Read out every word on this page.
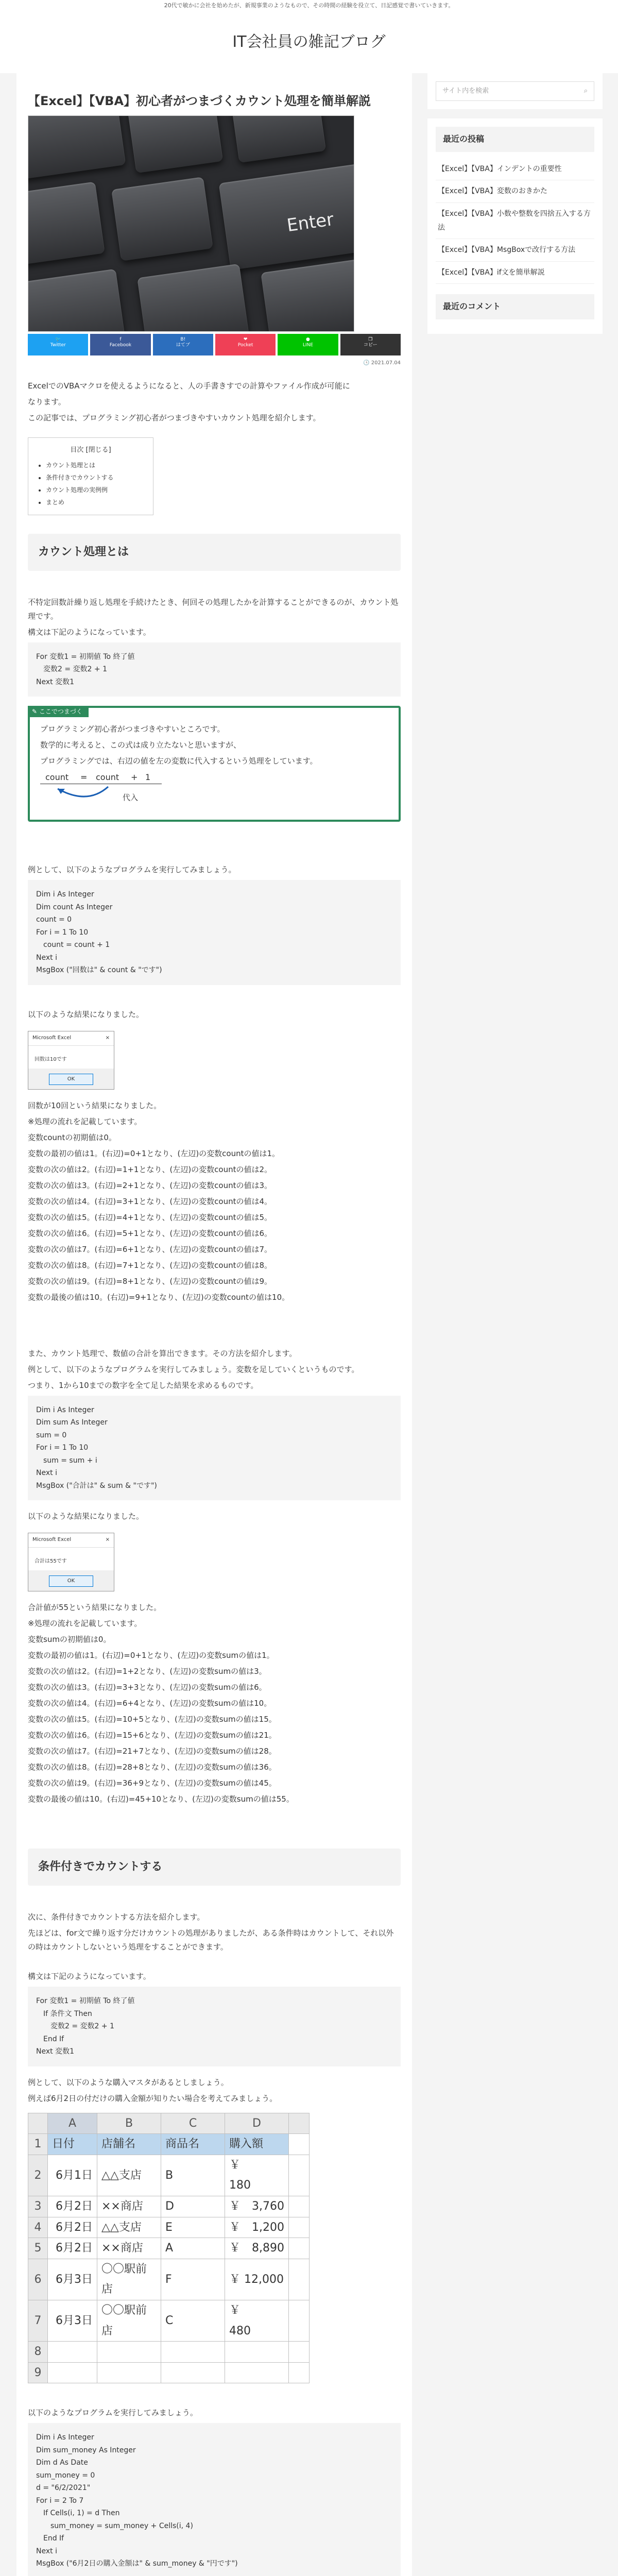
20代で敏かに会社を始めたが、新規事業のようなもので、その時間の経験を役立て、日記感覚で書いていきます。
IT会社員の雑記ブログ
【Excel】【VBA】初心者がつまづくカウント処理を簡単解説
Enter
🐦
Twitter
f
Facebook
B!
はてブ
❤
Pocket
●
LINE
❐
コピー
🕓 2021.07.04

ExcelでのVBAマクロを使えるようになると、人の手書きすでの計算やファイル作成が可能に

なります。

この記事では、プログラミング初心者がつまづきやすいカウント処理を紹介します。

目次 [閉じる]
• カウント処理とは
• 条件付きでカウントする
• カウント処理の実例例
• まとめ
カウント処理とは

不特定回数計繰り返し処理を手続けたとき、何回その処理したかを計算することができるのが、カウント処理です。

構文は下記のようになっています。

For 変数1 = 初期値 To 終了値
　変数2 = 変数2 + 1
Next 変数1
✎ ここでつまづく

プログラミング初心者がつまづきやすいところです。

数学的に考えると、この式は成り立たないと思いますが、

プログラミングでは、右辺の値を左の変数に代入するという処理をしています。

count = count + 1
代入

例として、以下のようなプログラムを実行してみましょう。

Dim i As Integer
Dim count As Integer
count = 0
For i = 1 To 10
　count = count + 1
Next i
MsgBox ("回数は" & count & "です")

以下のような結果になりました。

Microsoft Excel	×
回数は10です
OK

回数が10回という結果になりました。

※処理の流れを記載しています。

変数countの初期値は0。

変数の最初の値は1。(右辺)=0+1となり、(左辺)の変数countの値は1。

変数の次の値は2。(右辺)=1+1となり、(左辺)の変数countの値は2。

変数の次の値は3。(右辺)=2+1となり、(左辺)の変数countの値は3。

変数の次の値は4。(右辺)=3+1となり、(左辺)の変数countの値は4。

変数の次の値は5。(右辺)=4+1となり、(左辺)の変数countの値は5。

変数の次の値は6。(右辺)=5+1となり、(左辺)の変数countの値は6。

変数の次の値は7。(右辺)=6+1となり、(左辺)の変数countの値は7。

変数の次の値は8。(右辺)=7+1となり、(左辺)の変数countの値は8。

変数の次の値は9。(右辺)=8+1となり、(左辺)の変数countの値は9。

変数の最後の値は10。(右辺)=9+1となり、(左辺)の変数countの値は10。

また、カウント処理で、数値の合計を算出できます。その方法を紹介します。

例として、以下のようなプログラムを実行してみましょう。変数を足していくというものです。

つまり、1から10までの数字を全て足した結果を求めるものです。

Dim i As Integer
Dim sum As Integer
sum = 0
For i = 1 To 10
　sum = sum + i
Next i
MsgBox ("合計は" & sum & "です")

以下のような結果になりました。

Microsoft Excel	×
合計は55です
OK

合計値が55という結果になりました。

※処理の流れを記載しています。

変数sumの初期値は0。

変数の最初の値は1。(右辺)=0+1となり、(左辺)の変数sumの値は1。

変数の次の値は2。(右辺)=1+2となり、(左辺)の変数sumの値は3。

変数の次の値は3。(右辺)=3+3となり、(左辺)の変数sumの値は6。

変数の次の値は4。(右辺)=6+4となり、(左辺)の変数sumの値は10。

変数の次の値は5。(右辺)=10+5となり、(左辺)の変数sumの値は15。

変数の次の値は6。(右辺)=15+6となり、(左辺)の変数sumの値は21。

変数の次の値は7。(右辺)=21+7となり、(左辺)の変数sumの値は28。

変数の次の値は8。(右辺)=28+8となり、(左辺)の変数sumの値は36。

変数の次の値は9。(右辺)=36+9となり、(左辺)の変数sumの値は45。

変数の最後の値は10。(右辺)=45+10となり、(左辺)の変数sumの値は55。

条件付きでカウントする

次に、条件付きでカウントする方法を紹介します。

先ほどは、for文で繰り返す分だけカウントの処理がありましたが、ある条件時はカウントして、それ以外の時はカウントしないという処理をすることができます。

構文は下記のようになっています。

For 変数1 = 初期値 To 終了値
　If 条件文 Then
　　変数2 = 変数2 + 1
　End If
Next 変数1

例として、以下のような購入マスタがあるとしましょう。

例えば6月2日の付だけの購入金額が知りたい場合を考えてみましょう。

	A	B	C	D	
1	日付	店舗名	商品名	購入額	
2	6月1日	△△支店	B	￥　　180	
3	6月2日	××商店	D	￥　3,760	
4	6月2日	△△支店	E	￥　1,200	
5	6月2日	××商店	A	￥　8,890	
6	6月3日	〇〇駅前店	F	￥ 12,000	
7	6月3日	〇〇駅前店	C	￥　　480	
8					
9					

以下のようなプログラムを実行してみましょう。

Dim i As Integer
Dim sum_money As Integer
Dim d As Date
sum_money = 0
d = "6/2/2021"
For i = 2 To 7
　If Cells(i, 1) = d Then
　　sum_money = sum_money + Cells(i, 4)
　End If
Next i
MsgBox ("6月2日の購入金額は" & sum_money & "円です")

サイト内を検索	⌕
最近の投稿
【Excel】【VBA】インデントの重要性
【Excel】【VBA】変数のおきかた
【Excel】【VBA】小数や整数を四捨五入する方法
【Excel】【VBA】MsgBoxで改行する方法
【Excel】【VBA】if文を簡単解説
最近のコメント
